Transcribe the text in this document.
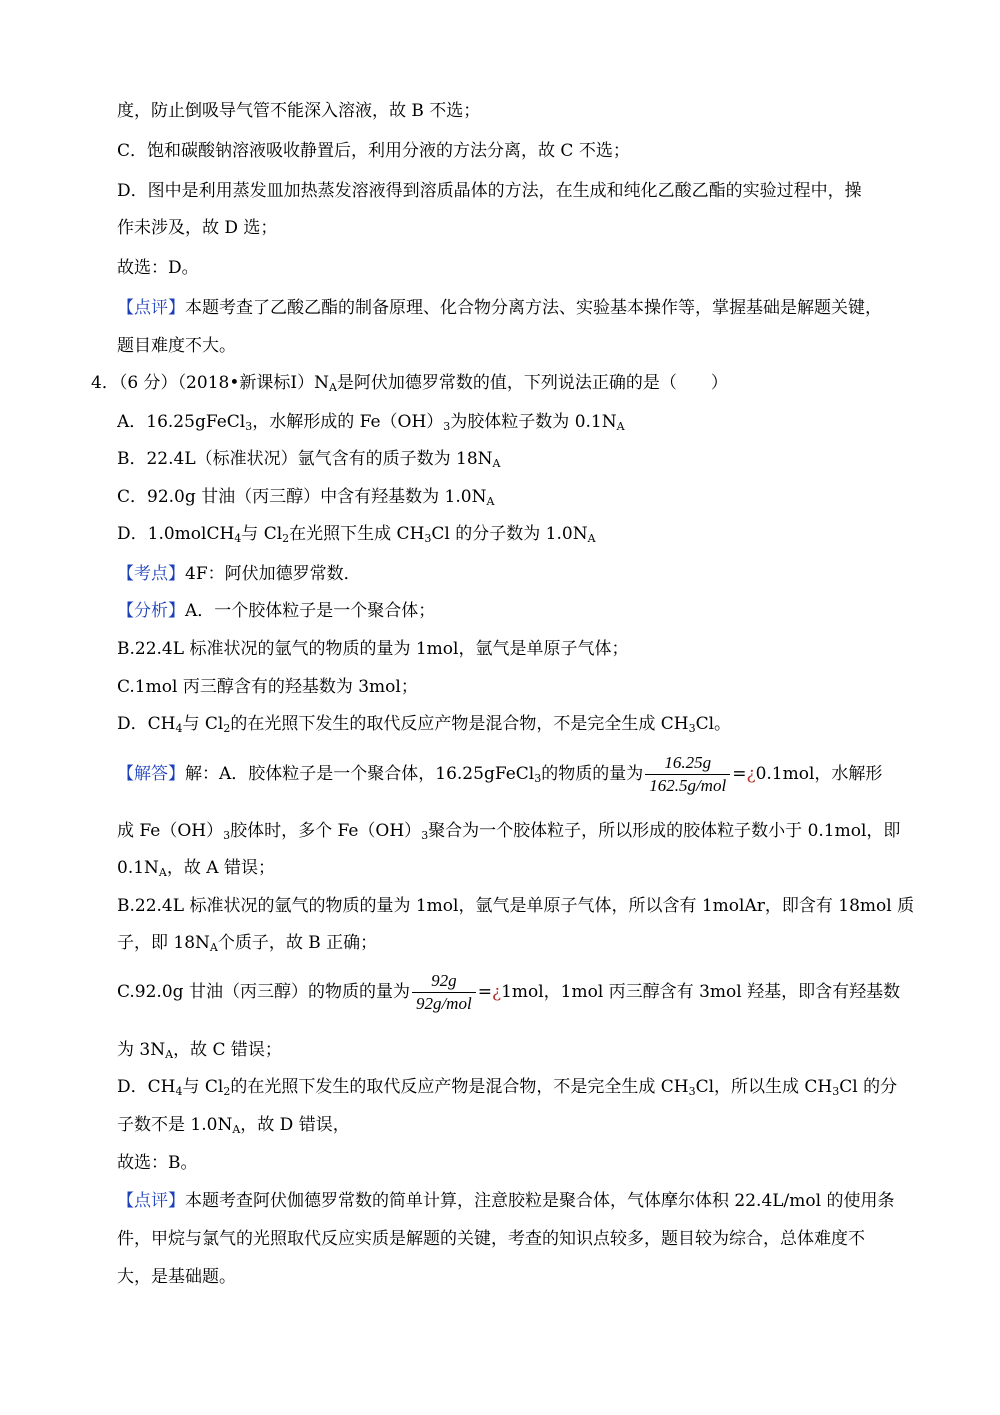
度，防止倒吸导气管不能深入溶液，故 B 不选；
C．饱和碳酸钠溶液吸收静置后，利用分液的方法分离，故 C 不选；
D．图中是利用蒸发皿加热蒸发溶液得到溶质晶体的方法，在生成和纯化乙酸乙酯的实验过程中，操
作未涉及，故 D 选；
故选：D。
【点评】本题考查了乙酸乙酯的制备原理、化合物分离方法、实验基本操作等，掌握基础是解题关键，
题目难度不大。
4．（6 分）（2018•新课标$Ⅰ)N_A$是阿伏加德罗常数的值，下列说法正确的是（　　）
A．16.25gFeCl$_3$，水解形成的 $Fe(OH)_3$为胶体粒子数为 $0.1N_A$
B．22.4L（标准状况）氩气含有的质子数为 $18N_A$
C．92.0g 甘油（丙三醇）中含有羟基数为 $1.0N_A$
D．1.0molCH$_4$与 $Cl_2$在光照下生成 $CH_3Cl$ 的分子数为 $1.0N_A$
【考点】4F：阿伏加德罗常数．
【分析】A．一个胶体粒子是一个聚合体；
B.22.4L 标准状况的氩气的物质的量为 1mol，氩气是单原子气体；
C.1mol 丙三醇含有的羟基数为 3mol；
D．$CH_4$与 $Cl_2$的在光照下发生的取代反应产物是混合物，不是完全生成 $CH_3Cl$。
【解答】解：A．胶体粒子是一个聚合体，16.25gFeCl$_3$的物质的量为 $\frac{16.25g}{\text{162.5g/mol}}$ =¿0.1mol，水解形
成 $Fe(OH)_3$胶体时，多个 $Fe(OH)_3$聚合为一个胶体粒子，所以形成的胶体粒子数小于 0.1mol，即
$0.1N_A$，故 A 错误；
B.22.4L 标准状况的氩气的物质的量为 1mol，氩气是单原子气体，所以含有 1molAr，即含有 18mol 质
子，即 $18N_A$个质子，故 B 正确；
C.92.0g 甘油（丙三醇）的物质的量为 $\frac{92g}{\text{92g/mol}}$ =¿1mol，1mol 丙三醇含有 3mol 羟基，即含有羟基数
为 $3N_A$，故 C 错误；
D．$CH_4$与 $Cl_2$的在光照下发生的取代反应产物是混合物，不是完全生成 $CH_3Cl$，所以生成 $CH_3Cl$ 的分
子数不是 $1.0N_A$，故 D 错误，
故选：B。
【点评】本题考查阿伏伽德罗常数的简单计算，注意胶粒是聚合体，气体摩尔体积 22.4L/mol 的使用条
件，甲烷与氯气的光照取代反应实质是解题的关键，考查的知识点较多，题目较为综合，总体难度不
大，是基础题。
